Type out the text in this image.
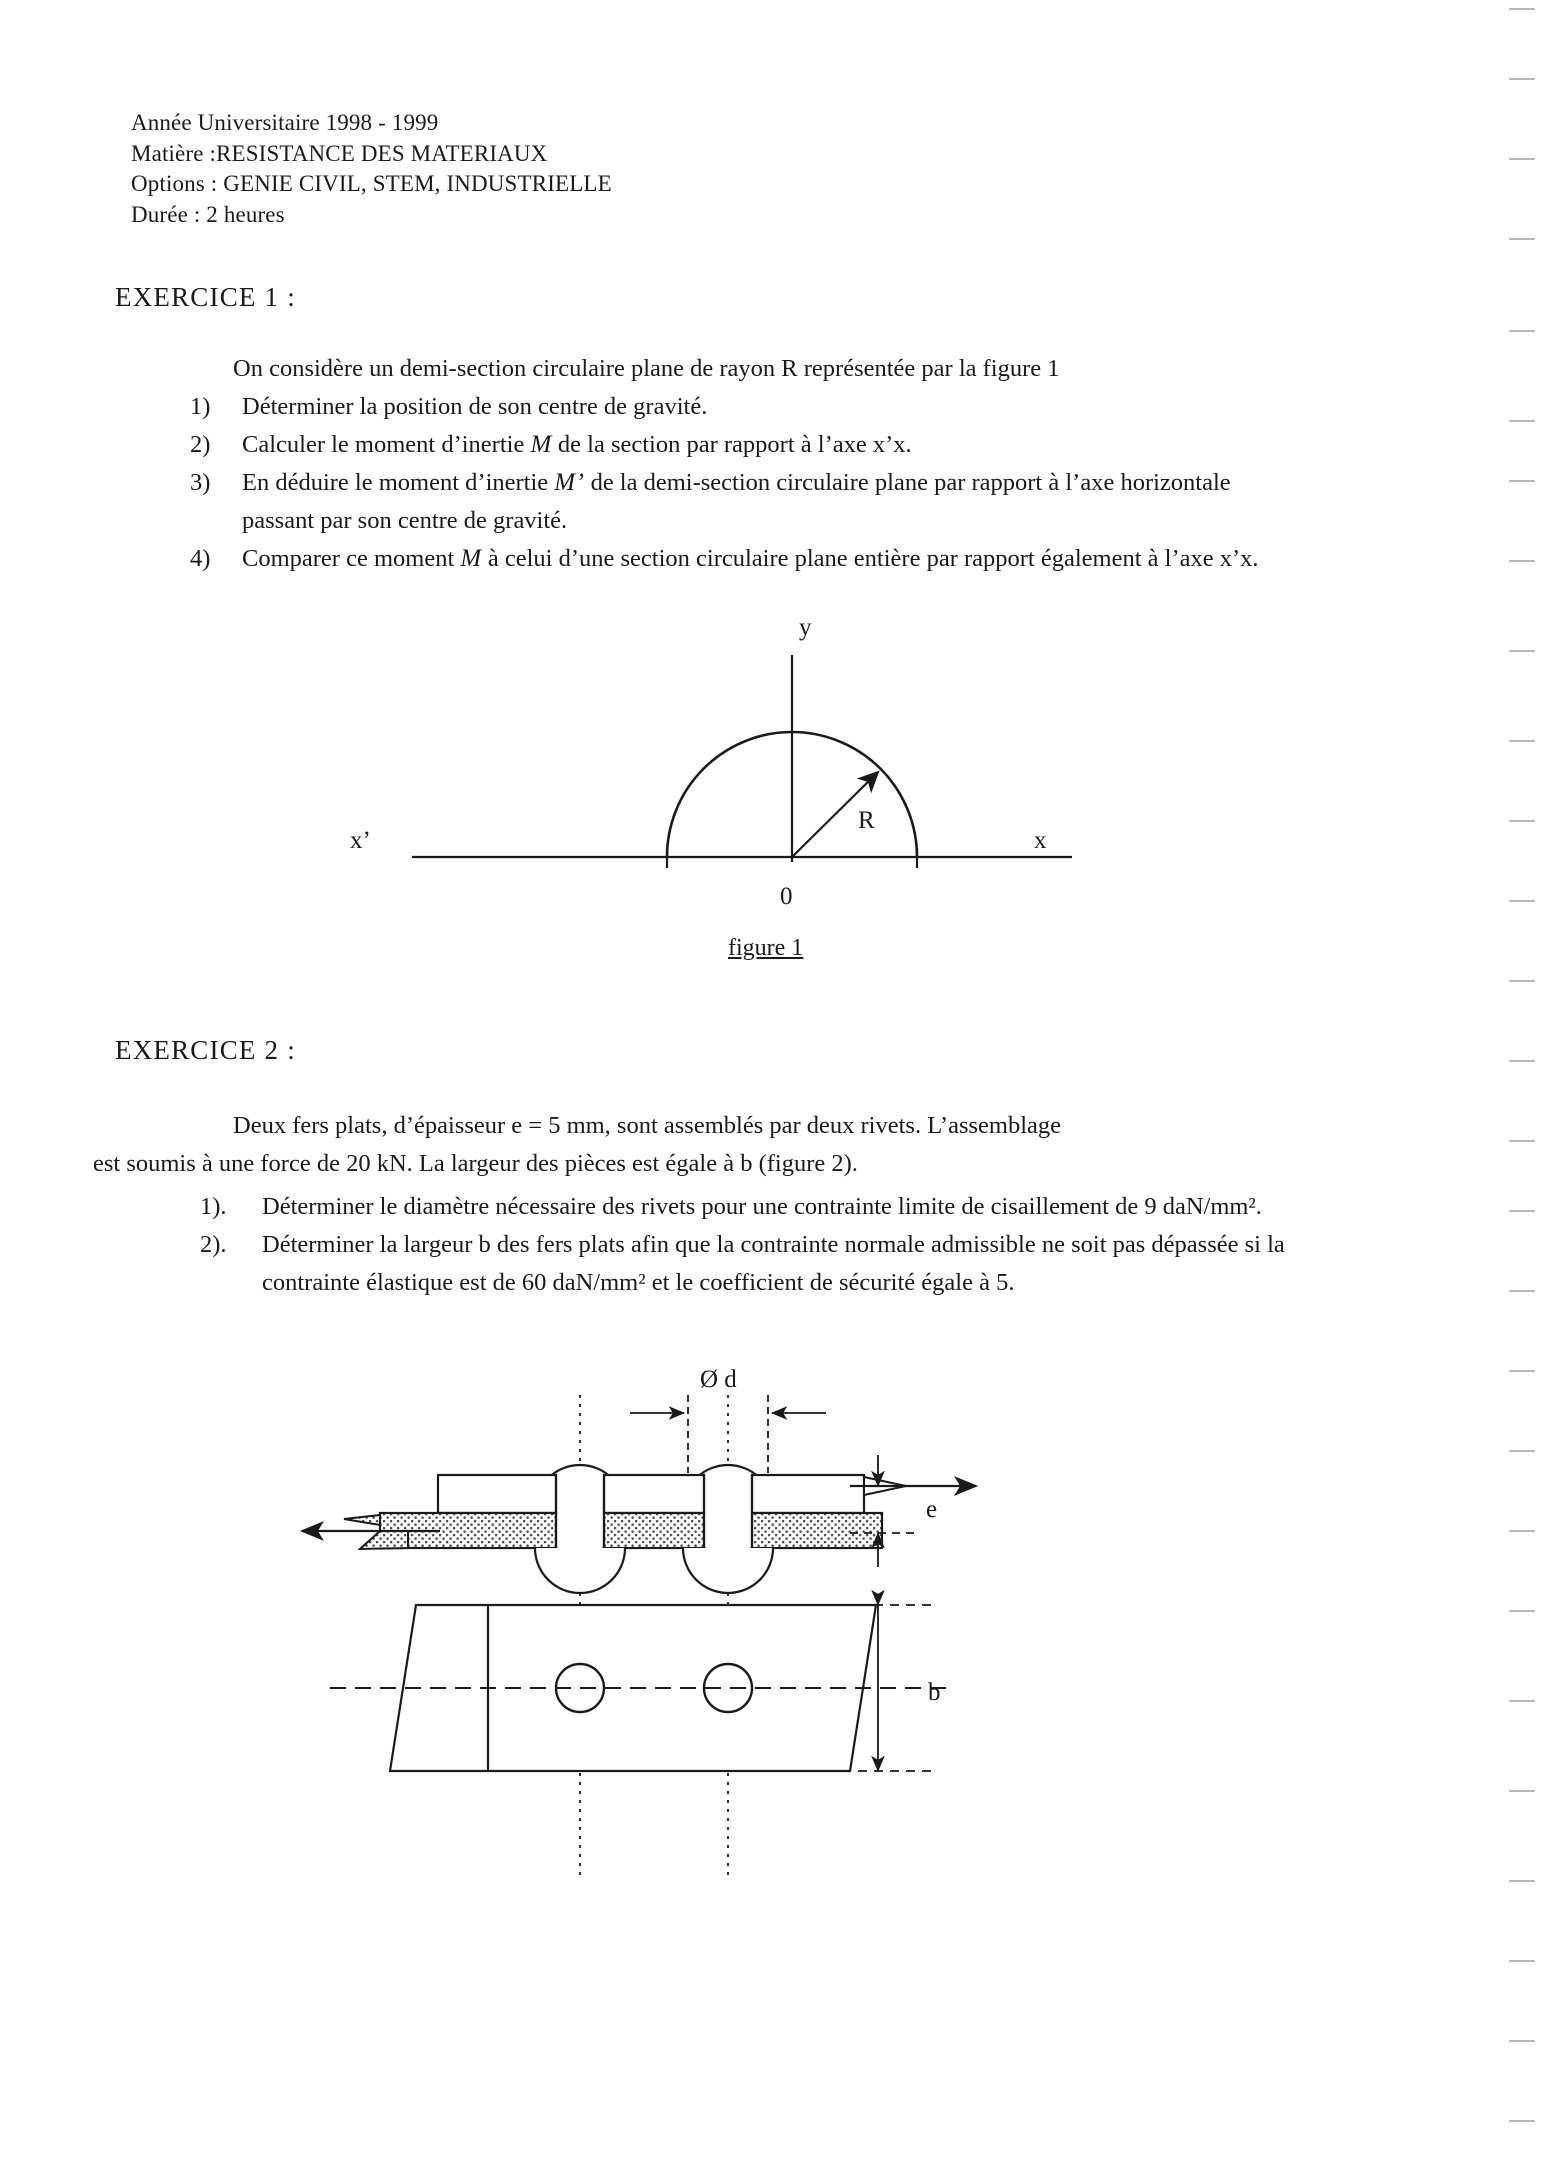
Année Universitaire 1998 - 1999
Matière :RESISTANCE DES MATERIAUX
Options : GENIE CIVIL, STEM, INDUSTRIELLE
Durée : 2 heures
EXERCICE 1 :
On considère un demi-section circulaire plane de rayon R représentée par la figure 1
1)	Déterminer la position de son centre de gravité.
2)	Calculer le moment d’inertie M de la section par rapport à l’axe x’x.
3)	En déduire le moment d’inertie M’ de la demi-section circulaire plane par rapport à l’axe horizontale passant par son centre de gravité.
4)	Comparer ce moment M à celui d’une section circulaire plane entière par rapport également à l’axe x’x.
y
x
x’
0
R
figure 1
EXERCICE 2 :
Deux fers plats, d’épaisseur e = 5 mm, sont assemblés par deux rivets. L’assemblage
est soumis à une force de 20 kN. La largeur des pièces est égale à b (figure 2).
1).	Déterminer le diamètre nécessaire des rivets pour une contrainte limite de cisaillement de 9 daN/mm².
2).	Déterminer la largeur b des fers plats afin que la contrainte normale admissible ne soit pas dépassée si la contrainte élastique est de 60 daN/mm² et le coefficient de sécurité égale à 5.
Ø d
e
b
